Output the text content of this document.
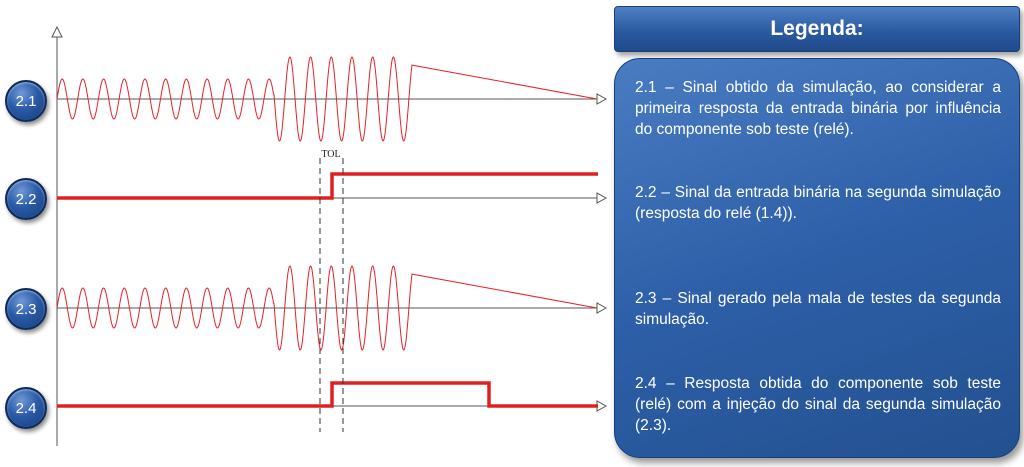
TOL
2.1
2.2
2.3
2.4
Legenda:
2.1 – Sinal obtido da simulação, ao considerar a primeira resposta da entrada binária por influência do componente sob teste (relé).
2.2 – Sinal da entrada binária na segunda simulação (resposta do relé (1.4)).
2.3 – Sinal gerado pela mala de testes da segunda simulação.
2.4 – Resposta obtida do componente sob teste (relé) com a injeção do sinal da segunda simulação (2.3).
